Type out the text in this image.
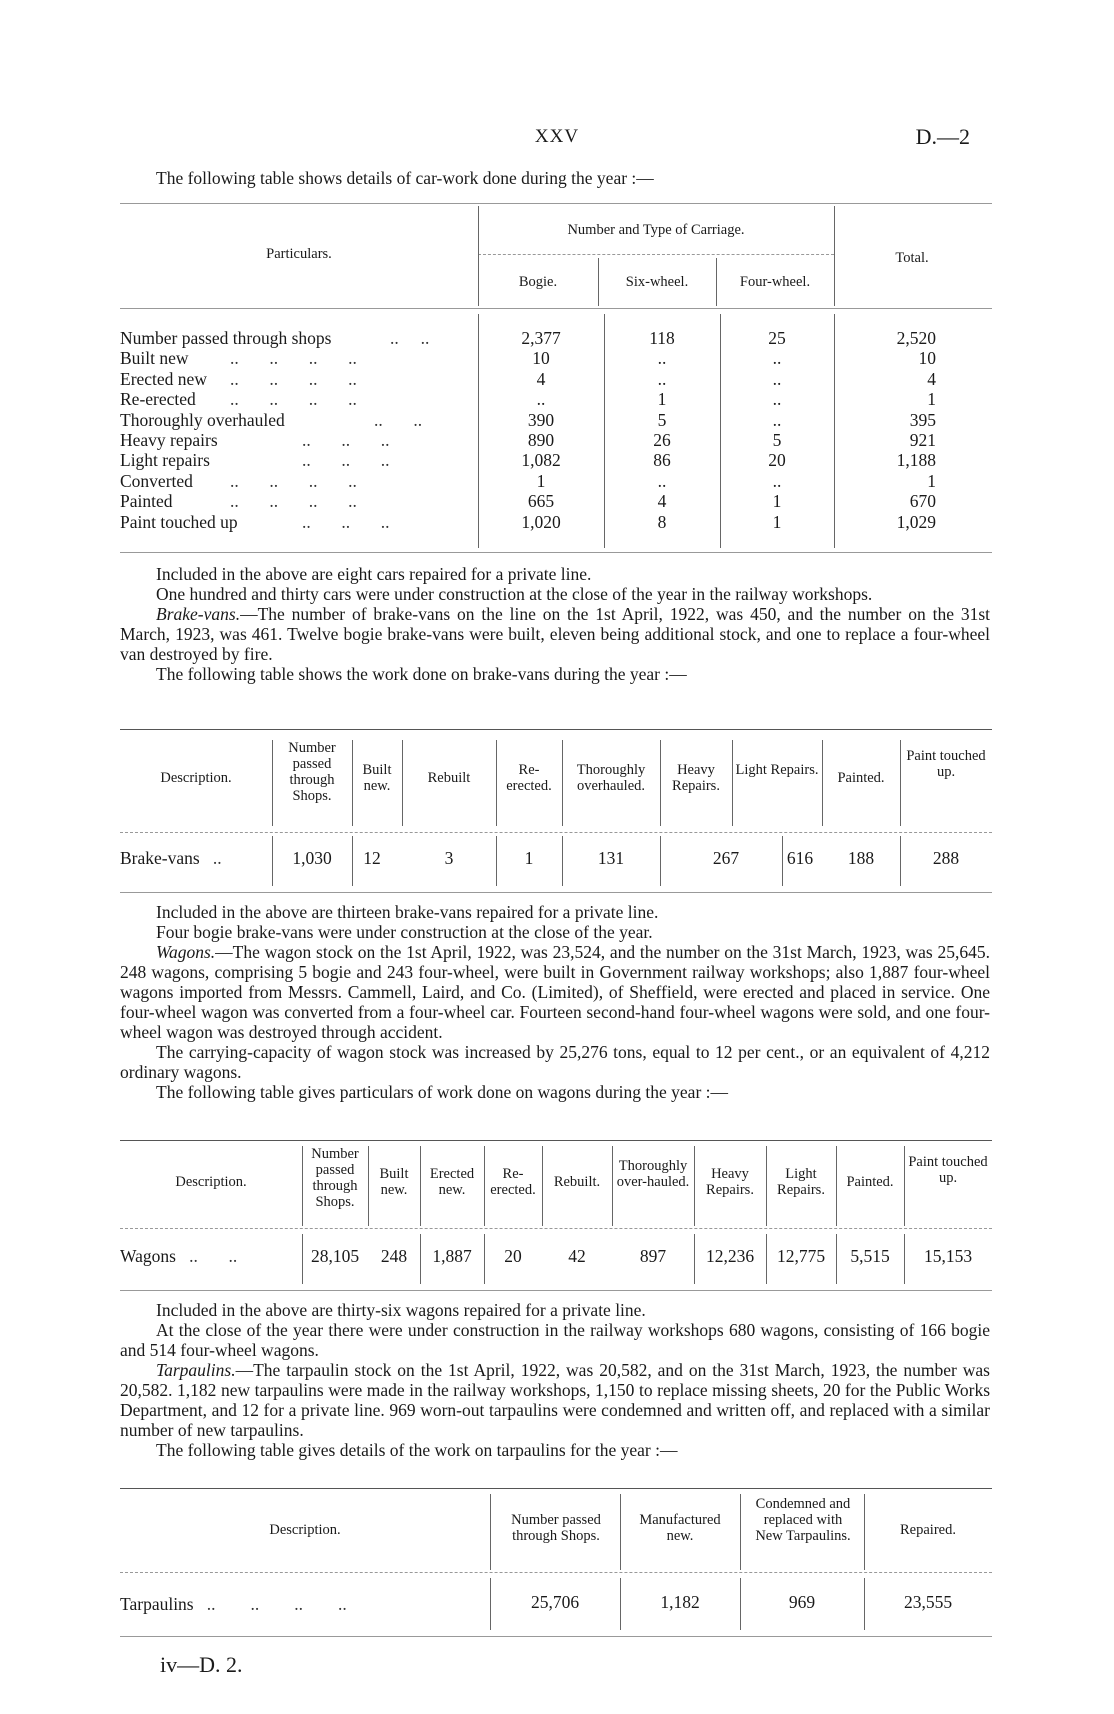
XXV	D.—2

The following table shows details of car-work done during the year :—

Particulars.
Number and Type of Carriage.
Bogie.	Six-wheel.	Four-wheel.
Total.
Number passed through shops	..     ..	2,377	118	25	2,520
Built new ..       ..       ..       ..	10	..	..	10
Erected new ..       ..       ..       ..	4	..	..	4
Re-erected ..       ..       ..       ..	..	1	..	1
Thoroughly overhauled	..       ..	390	5	..	395
Heavy repairs	..       ..       ..	890	26	5	921
Light repairs	..       ..       ..	1,082	86	20	1,188
Converted ..       ..       ..       ..	1	..	..	1
Painted	..       ..       ..       ..	665	4	1	670
Paint touched up	..       ..       ..	1,020	8	1	1,029

Included in the above are eight cars repaired for a private line.

One hundred and thirty cars were under construction at the close of the year in the railway workshops.

Brake-vans.—The number of brake-vans on the line on the 1st April, 1922, was 450, and the number on the 31st March, 1923, was 461. Twelve bogie brake-vans were built, eleven being additional stock, and one to replace a four-wheel van destroyed by fire.

The following table shows the work done on brake-vans during the year :—

Description.
Number passed through Shops.
Built new.	Rebuilt	Re-erected.
Thoroughly overhauled.
Heavy Repairs.
Light Repairs.	Painted.
Paint touched up.
Brake-vans   ..	1,030	12	3	1	131	267	616	188	288

Included in the above are thirteen brake-vans repaired for a private line.

Four bogie brake-vans were under construction at the close of the year.

Wagons.—The wagon stock on the 1st April, 1922, was 23,524, and the number on the 31st March, 1923, was 25,645. 248 wagons, comprising 5 bogie and 243 four-wheel, were built in Government railway workshops; also 1,887 four-wheel wagons imported from Messrs. Cammell, Laird, and Co. (Limited), of Sheffield, were erected and placed in service. One four-wheel wagon was converted from a four-wheel car. Fourteen second-hand four-wheel wagons were sold, and one four-wheel wagon was destroyed through accident.

The carrying-capacity of wagon stock was increased by 25,276 tons, equal to 12 per cent., or an equivalent of 4,212 ordinary wagons.

The following table gives particulars of work done on wagons during the year :—

Description.
Number passed through Shops.
Built new.
Erected new.
Re-erected.	Rebuilt.
Thoroughly over-hauled.	Heavy Repairs.
Light Repairs.	Painted.
Paint touched up.
Wagons   ..       ..	28,105	248	1,887	20	42	897	12,236	12,775	5,515	15,153

Included in the above are thirty-six wagons repaired for a private line.

At the close of the year there were under construction in the railway workshops 680 wagons, consisting of 166 bogie and 514 four-wheel wagons.

Tarpaulins.—The tarpaulin stock on the 1st April, 1922, was 20,582, and on the 31st March, 1923, the number was 20,582. 1,182 new tarpaulins were made in the railway workshops, 1,150 to replace missing sheets, 20 for the Public Works Department, and 12 for a private line. 969 worn-out tarpaulins were condemned and written off, and replaced with a similar number of new tarpaulins.

The following table gives details of the work on tarpaulins for the year :—

Description.
Number passed through Shops.
Manufactured new.
Condemned and replaced with New Tarpaulins.	Repaired.
Tarpaulins   ..        ..        ..        ..	25,706	1,182	969	23,555
iv—D. 2.
